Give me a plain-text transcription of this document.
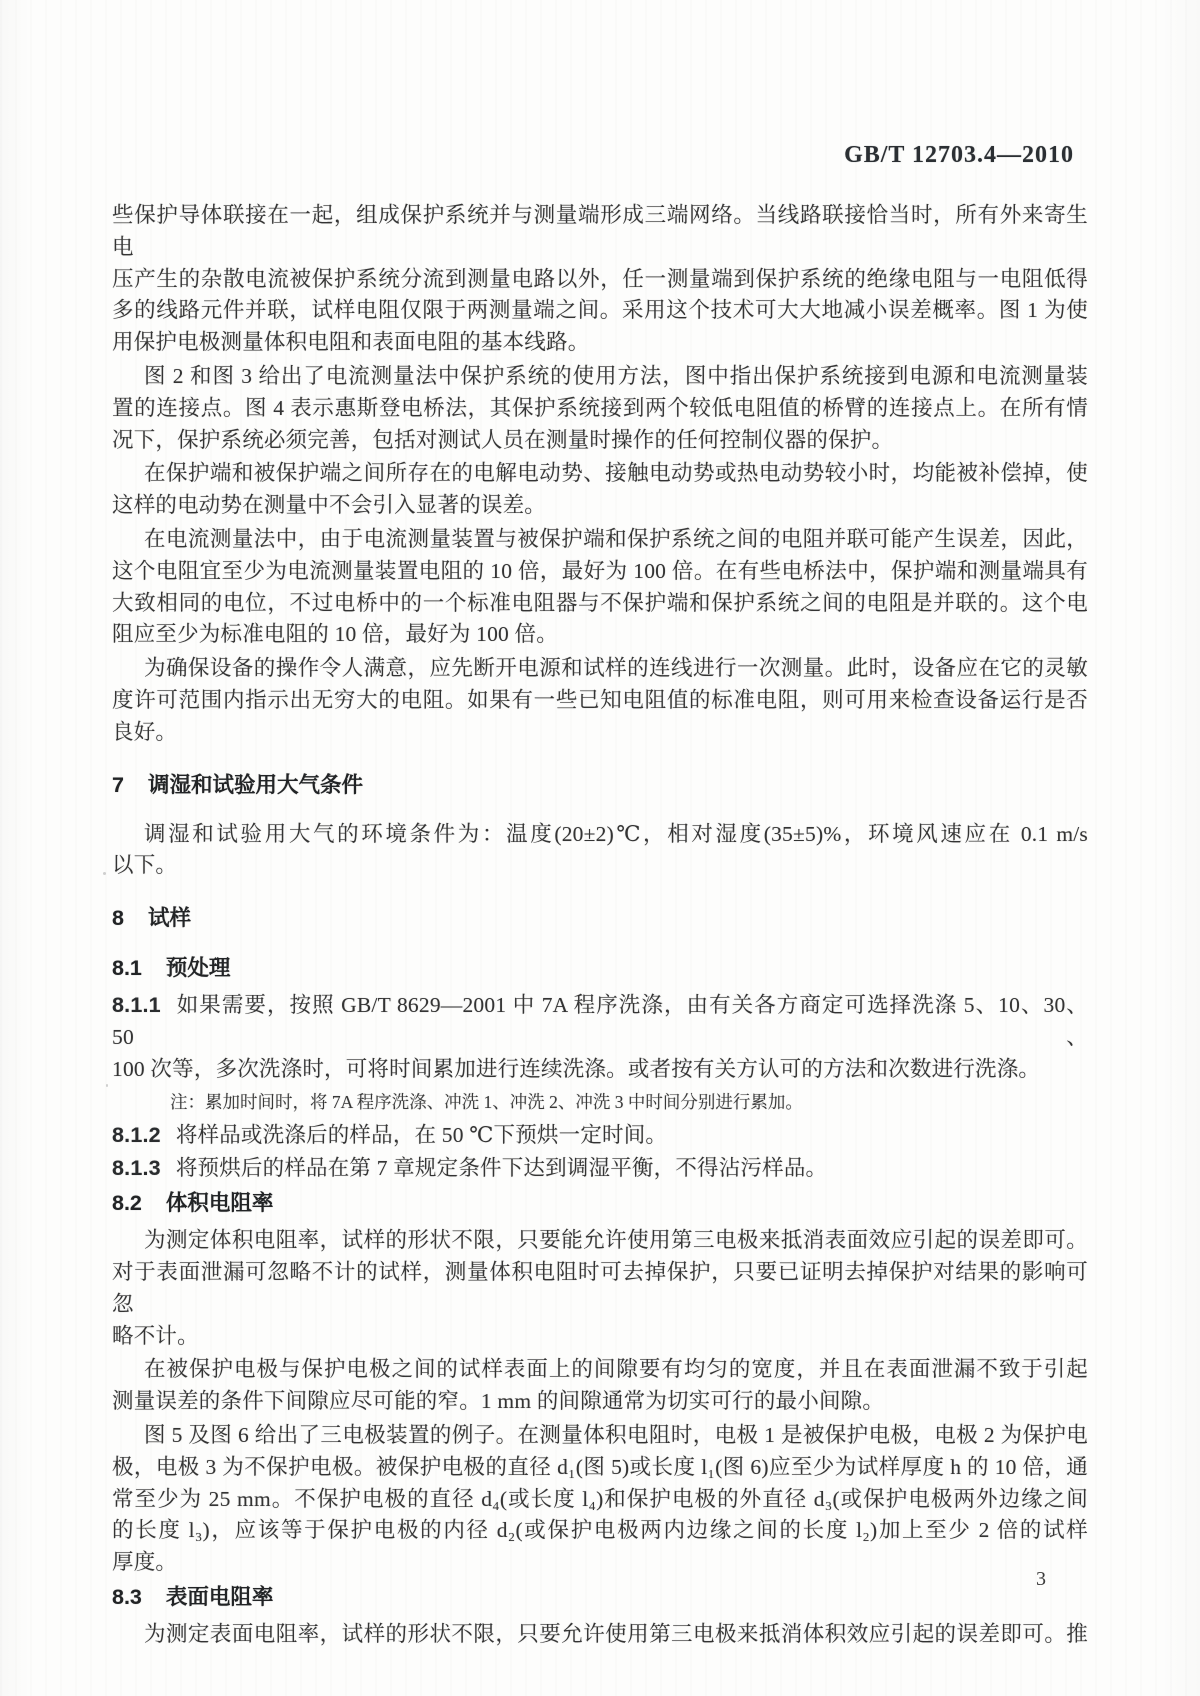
GB/T 12703.4—2010
些保护导体联接在一起，组成保护系统并与测量端形成三端网络。当线路联接恰当时，所有外来寄生电
压产生的杂散电流被保护系统分流到测量电路以外，任一测量端到保护系统的绝缘电阻与一电阻低得
多的线路元件并联，试样电阻仅限于两测量端之间。采用这个技术可大大地减小误差概率。图 1 为使
用保护电极测量体积电阻和表面电阻的基本线路。
图 2 和图 3 给出了电流测量法中保护系统的使用方法，图中指出保护系统接到电源和电流测量装
置的连接点。图 4 表示惠斯登电桥法，其保护系统接到两个较低电阻值的桥臂的连接点上。在所有情
况下，保护系统必须完善，包括对测试人员在测量时操作的任何控制仪器的保护。
在保护端和被保护端之间所存在的电解电动势、接触电动势或热电动势较小时，均能被补偿掉，使
这样的电动势在测量中不会引入显著的误差。
在电流测量法中，由于电流测量装置与被保护端和保护系统之间的电阻并联可能产生误差，因此，
这个电阻宜至少为电流测量装置电阻的 10 倍，最好为 100 倍。在有些电桥法中，保护端和测量端具有
大致相同的电位，不过电桥中的一个标准电阻器与不保护端和保护系统之间的电阻是并联的。这个电
阻应至少为标准电阻的 10 倍，最好为 100 倍。
为确保设备的操作令人满意，应先断开电源和试样的连线进行一次测量。此时，设备应在它的灵敏
度许可范围内指示出无穷大的电阻。如果有一些已知电阻值的标准电阻，则可用来检查设备运行是否
良好。
7 调湿和试验用大气条件
调湿和试验用大气的环境条件为：温度(20±2)℃，相对湿度(35±5)%，环境风速应在 0.1 m/s
以下。
8 试样
8.1 预处理
8.1.1 如果需要，按照 GB/T 8629—2001 中 7A 程序洗涤，由有关各方商定可选择洗涤 5、10、30、50、
100 次等，多次洗涤时，可将时间累加进行连续洗涤。或者按有关方认可的方法和次数进行洗涤。
注：累加时间时，将 7A 程序洗涤、冲洗 1、冲洗 2、冲洗 3 中时间分别进行累加。
8.1.2 将样品或洗涤后的样品，在 50 ℃下预烘一定时间。
8.1.3 将预烘后的样品在第 7 章规定条件下达到调湿平衡，不得沾污样品。
8.2 体积电阻率
为测定体积电阻率，试样的形状不限，只要能允许使用第三电极来抵消表面效应引起的误差即可。
对于表面泄漏可忽略不计的试样，测量体积电阻时可去掉保护，只要已证明去掉保护对结果的影响可忽
略不计。
在被保护电极与保护电极之间的试样表面上的间隙要有均匀的宽度，并且在表面泄漏不致于引起
测量误差的条件下间隙应尽可能的窄。1 mm 的间隙通常为切实可行的最小间隙。
图 5 及图 6 给出了三电极装置的例子。在测量体积电阻时，电极 1 是被保护电极，电极 2 为保护电
极，电极 3 为不保护电极。被保护电极的直径 d₁(图 5)或长度 l₁(图 6)应至少为试样厚度 h 的 10 倍，通
常至少为 25 mm。不保护电极的直径 d₄(或长度 l₄)和保护电极的外直径 d₃(或保护电极两外边缘之间
的长度 l₃)，应该等于保护电极的内径 d₂(或保护电极两内边缘之间的长度 l₂)加上至少 2 倍的试样
厚度。
8.3 表面电阻率
为测定表面电阻率，试样的形状不限，只要允许使用第三电极来抵消体积效应引起的误差即可。推
3
